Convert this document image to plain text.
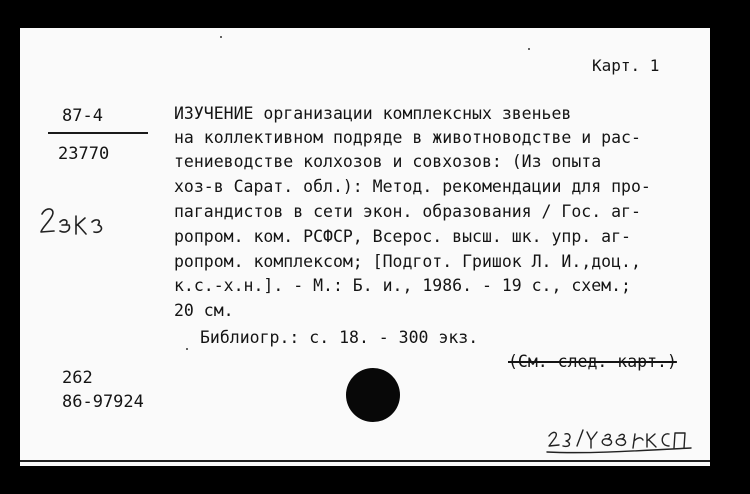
Карт. 1
87-4
23770
ИЗУЧЕНИЕ организации комплексных звеньев
на коллективном подряде в животноводстве и рас-
тениеводстве колхозов и совхозов: (Из опыта
хоз-в Сарат. обл.): Метод. рекомендации для про-
пагандистов в сети экон. образования / Гос. аг-
ропром. ком. РСФСР, Всерос. высш. шк. упр. аг-
ропром. комплексом; [Подгот. Гришок Л. И.,доц.,
к.с.-х.н.]. - М.: Б. и., 1986. - 19 с., схем.;
20 см.
Библиогр.: с. 18. - 300 экз.
(См. след. карт.)
262
86-97924
